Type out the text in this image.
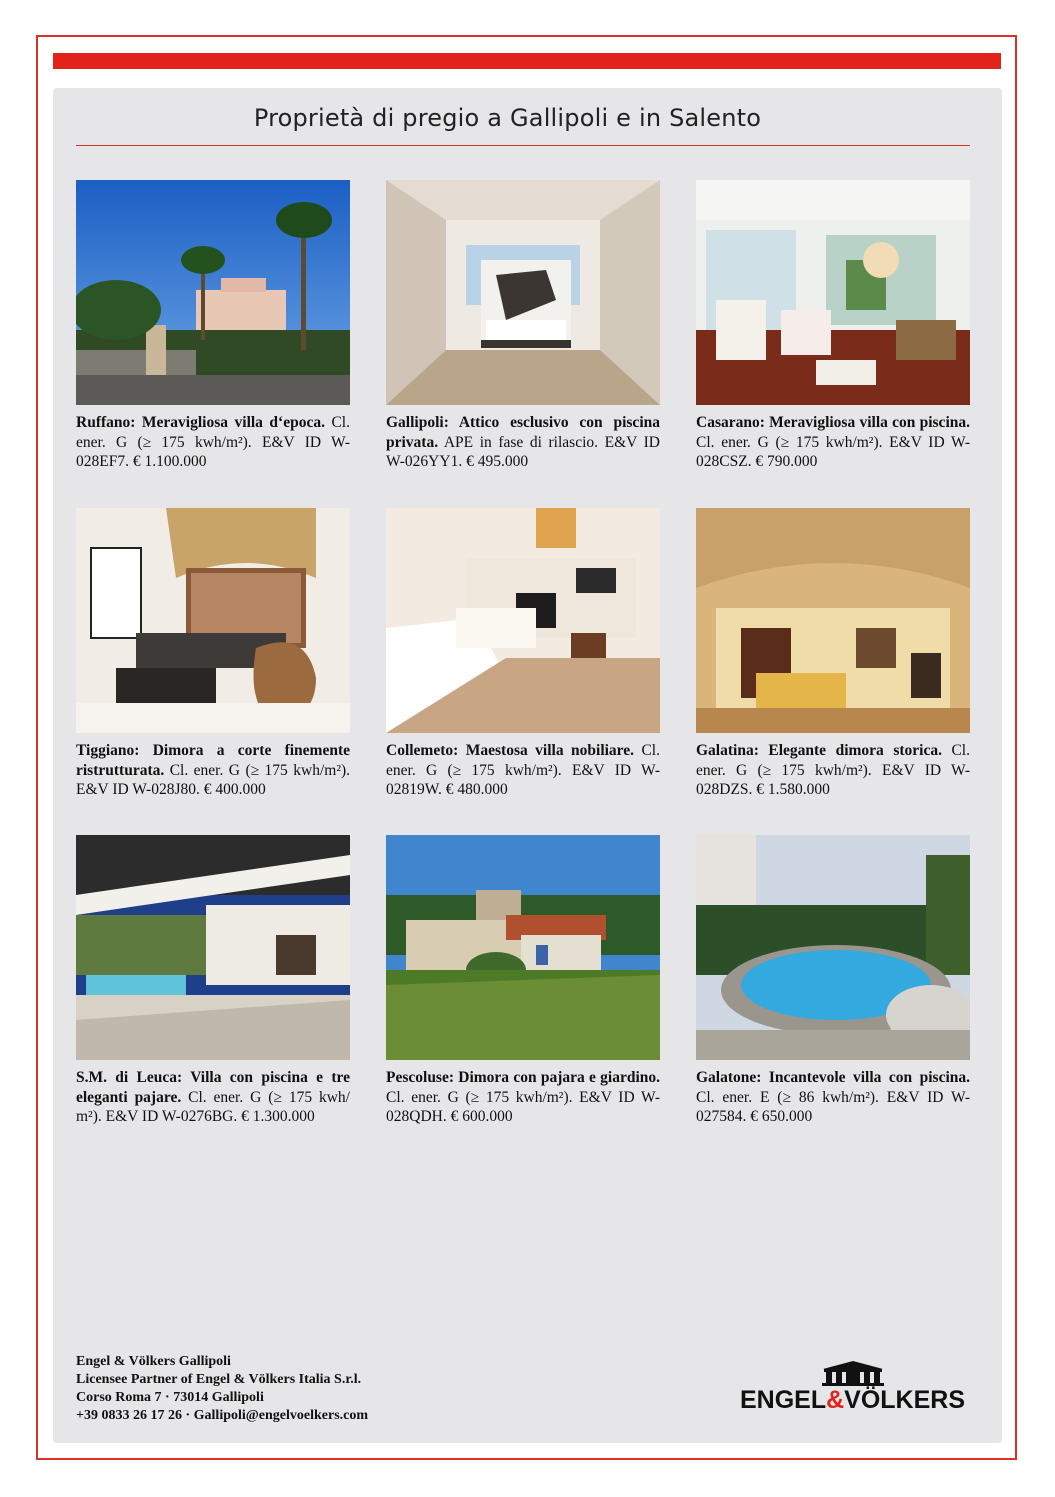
Proprietà di pregio a Gallipoli e in Salento
Ruffano: Meravigliosa villa d‘epoca. Cl. ener. G (≥ 175 kwh/m²). E&V ID W-028EF7. € 1.100.000
Gallipoli: Attico esclusivo con piscina privata. APE in fase di rilascio. E&V ID W-026YY1. € 495.000
Casarano: Meravigliosa villa con piscina. Cl. ener. G (≥ 175 kwh/m²). E&V ID W-028CSZ. € 790.000
Tiggiano: Dimora a corte finemente ristrutturata. Cl. ener. G (≥ 175 kwh/m²). E&V ID W-028J80. € 400.000
Collemeto: Maestosa villa nobiliare. Cl. ener. G (≥ 175 kwh/m²). E&V ID W-02819W. € 480.000
Galatina: Elegante dimora storica. Cl. ener. G (≥ 175 kwh/m²). E&V ID W-028DZS. € 1.580.000
S.M. di Leuca: Villa con piscina e tre eleganti pajare. Cl. ener. G (≥ 175 kwh/ m²). E&V ID W-0276BG. € 1.300.000
Pescoluse: Dimora con pajara e giardino. Cl. ener. G (≥ 175 kwh/m²). E&V ID W-028QDH. € 600.000
Galatone: Incantevole villa con piscina. Cl. ener. E (≥ 86 kwh/m²). E&V ID W-027584. € 650.000
Engel & Völkers Gallipoli
Licensee Partner of Engel & Völkers Italia S.r.l.
Corso Roma 7 · 73014 Gallipoli
+39 0833 26 17 26 · Gallipoli@engelvoelkers.com
ENGEL&VÖLKERS
